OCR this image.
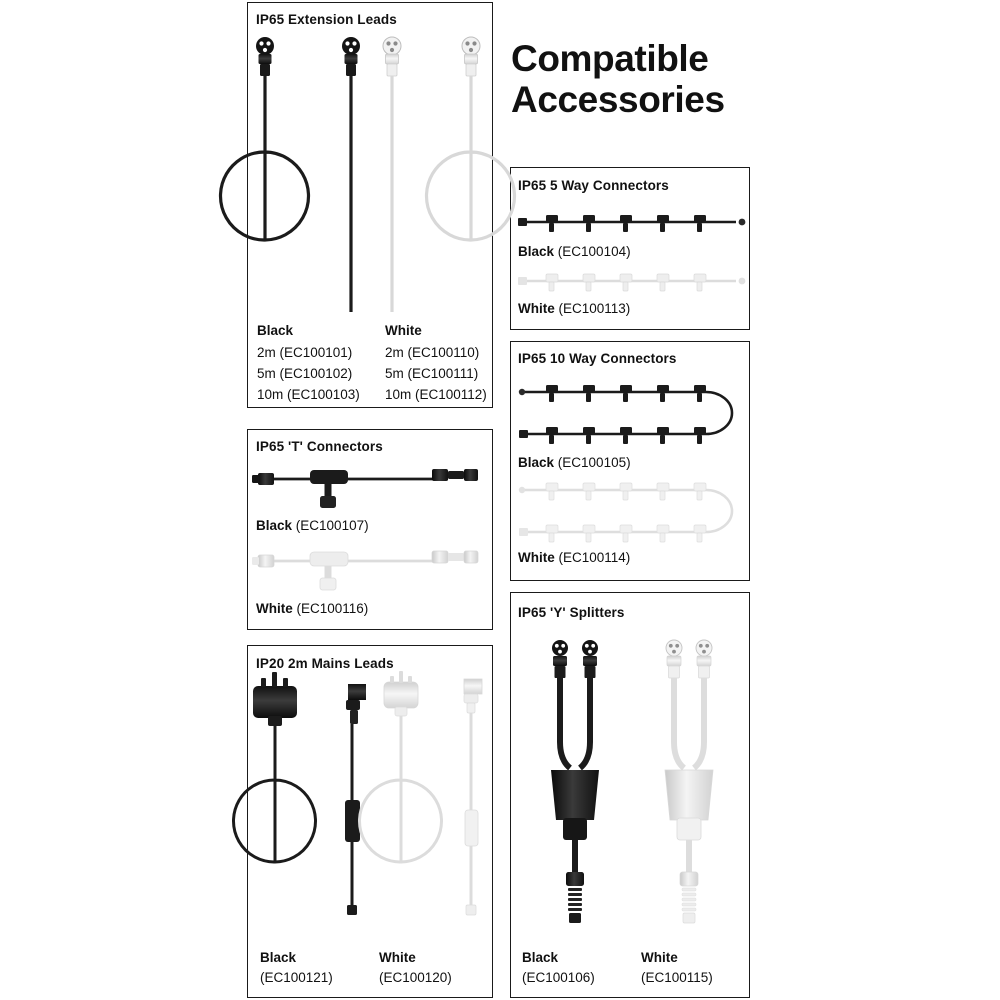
Compatible
Accessories
IP65 Extension Leads
IP65 'T' Connectors
IP20 2m Mains Leads
IP65 5 Way Connectors
IP65 10 Way Connectors
IP65 'Y' Splitters
Black
2m (EC100101)
5m (EC100102)
10m (EC100103)
White
2m (EC100110)
5m (EC100111)
10m (EC100112)
Black (EC100107)
White (EC100116)
Black
(EC100121)
White
(EC100120)
Black (EC100104)
White (EC100113)
Black (EC100105)
White (EC100114)
Black
(EC100106)
White
(EC100115)
